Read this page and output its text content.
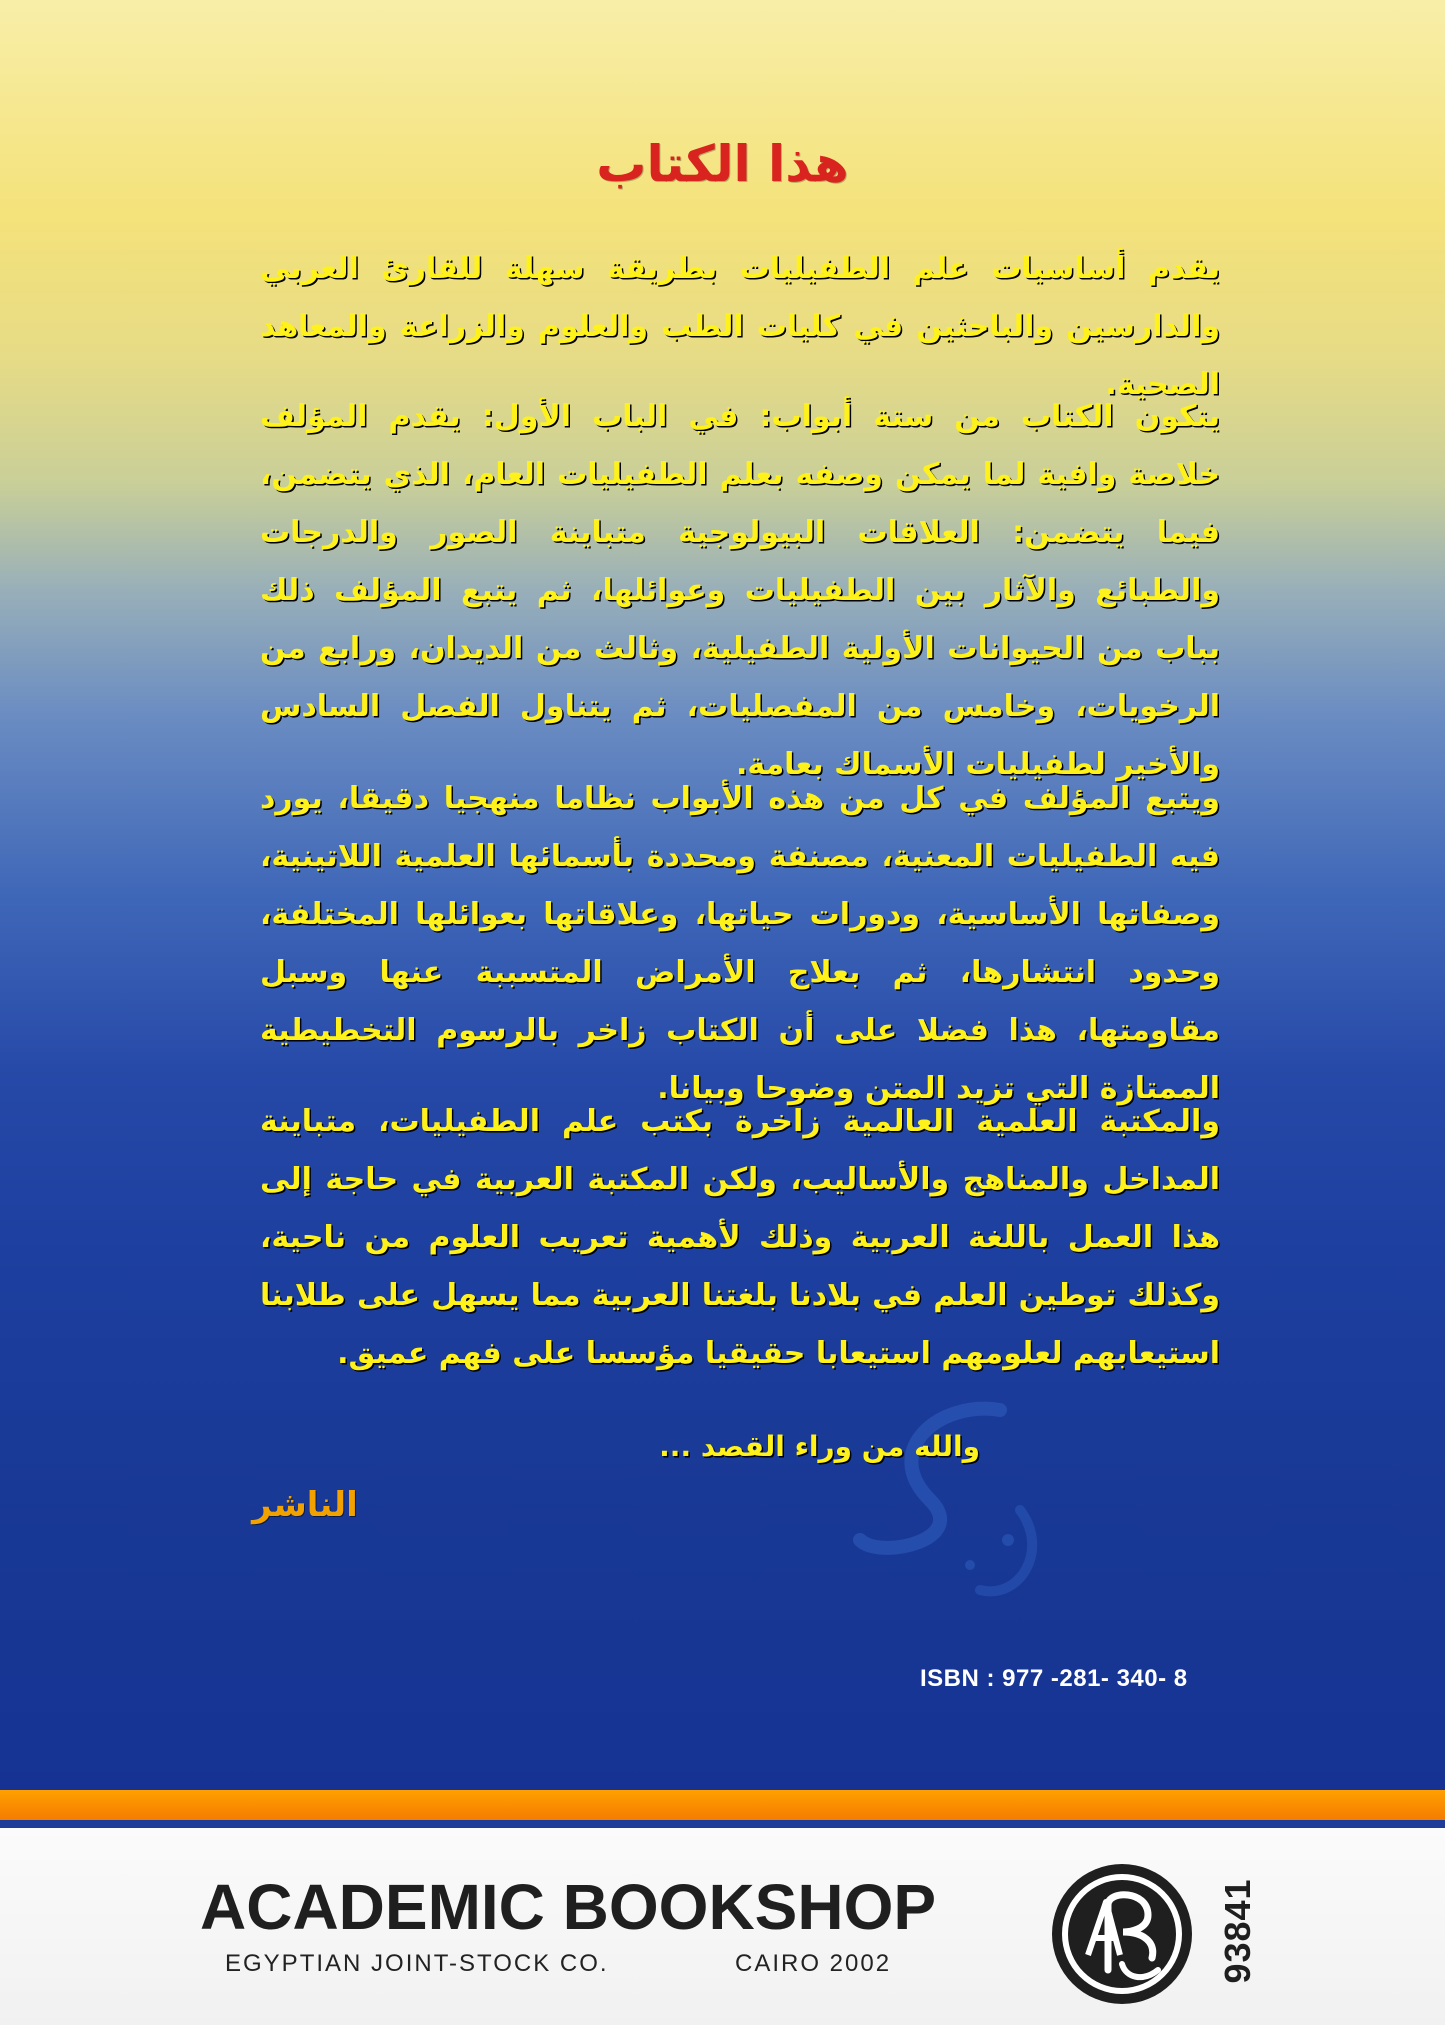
هذا الكتاب

يقدم أساسيات علم الطفيليات بطريقة سهلة للقارئ العربي والدارسين والباحثين في كليات الطب والعلوم والزراعة والمعاهد الصحية.

يتكون الكتاب من ستة أبواب: في الباب الأول: يقدم المؤلف خلاصة وافية لما يمكن وصفه بعلم الطفيليات العام، الذي يتضمن، فيما يتضمن: العلاقات البيولوجية متباينة الصور والدرجات والطبائع والآثار بين الطفيليات وعوائلها، ثم يتبع المؤلف ذلك بباب من الحيوانات الأولية الطفيلية، وثالث من الديدان، ورابع من الرخويات، وخامس من المفصليات، ثم يتناول الفصل السادس والأخير لطفيليات الأسماك بعامة.

ويتبع المؤلف في كل من هذه الأبواب نظاما منهجيا دقيقا، يورد فيه الطفيليات المعنية، مصنفة ومحددة بأسمائها العلمية اللاتينية، وصفاتها الأساسية، ودورات حياتها، وعلاقاتها بعوائلها المختلفة، وحدود انتشارها، ثم بعلاج الأمراض المتسببة عنها وسبل مقاومتها، هذا فضلا على أن الكتاب زاخر بالرسوم التخطيطية الممتازة التي تزيد المتن وضوحا وبيانا.

والمكتبة العلمية العالمية زاخرة بكتب علم الطفيليات، متباينة المداخل والمناهج والأساليب، ولكن المكتبة العربية في حاجة إلى هذا العمل باللغة العربية وذلك لأهمية تعريب العلوم من ناحية، وكذلك توطين العلم في بلادنا بلغتنا العربية مما يسهل على طلابنا استيعابهم لعلومهم استيعابا حقيقيا مؤسسا على فهم عميق.

والله من وراء القصد ...

الناشر

ISBN : 977 -281- 340- 8
ACADEMIC BOOKSHOP
EGYPTIAN JOINT-STOCK CO.	CAIRO 2002	93841
